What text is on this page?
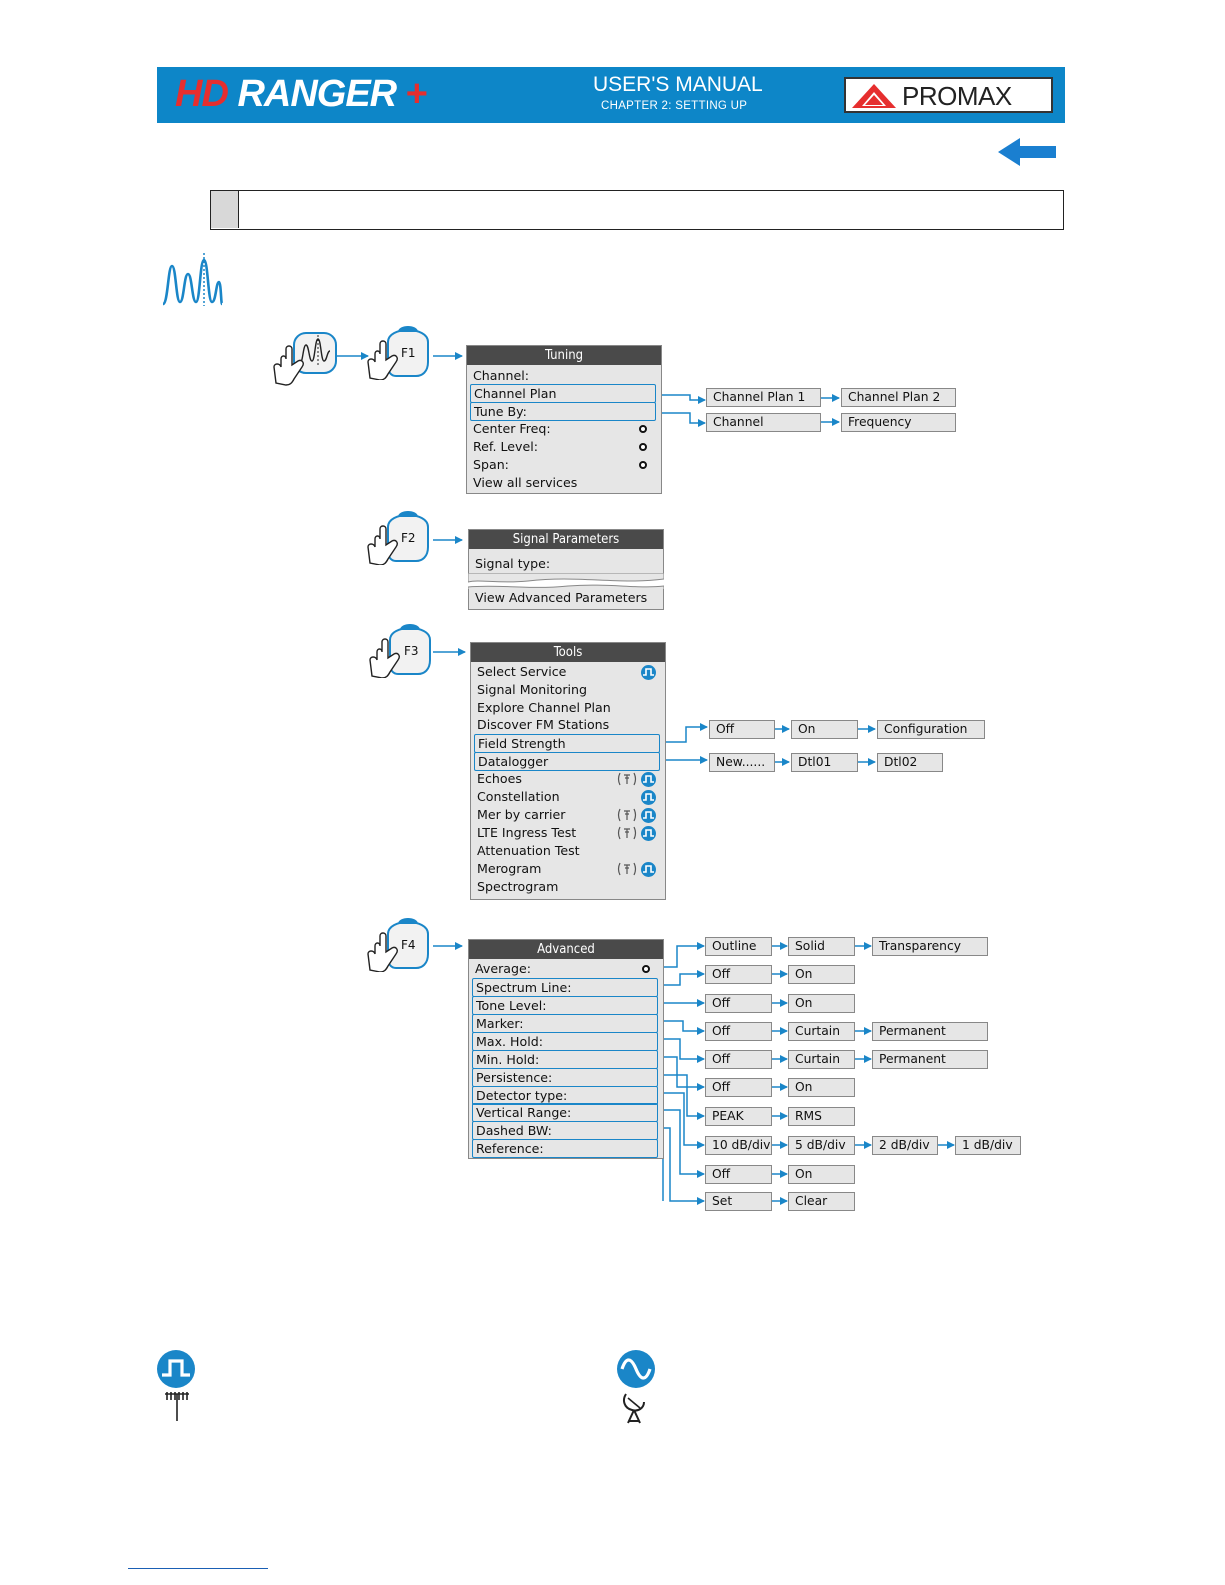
HD RANGER +	USER'S MANUAL
CHAPTER 2: SETTING UP	PROMAX
F1
F2
F3
F4
Tuning
Channel:
Channel Plan
Tune By:
Center Freq:
Ref. Level:
Span:
View all services
Channel Plan 1	Channel Plan 2
Channel	Frequency
Signal Parameters
Signal type:
View Advanced Parameters
Tools
Select Service
Signal Monitoring
Explore Channel Plan
Discover FM Stations
Field Strength
Datalogger
Echoes
Constellation
Mer by carrier
LTE Ingress Test
Attenuation Test
Merogram
Spectrogram
Off	On	Configuration
New......	Dtl01	Dtl02
Advanced
Average:
Spectrum Line:
Tone Level:
Marker:
Max. Hold:
Min. Hold:
Persistence:
Detector type:
Vertical Range:
Dashed BW:
Reference:
Outline	Solid	Transparency
Off	On
Off	On
Off	Curtain	Permanent
Off	Curtain	Permanent
Off	On
PEAK	RMS
10 dB/div	5 dB/div	2 dB/div	1 dB/div
Off	On
Set	Clear
